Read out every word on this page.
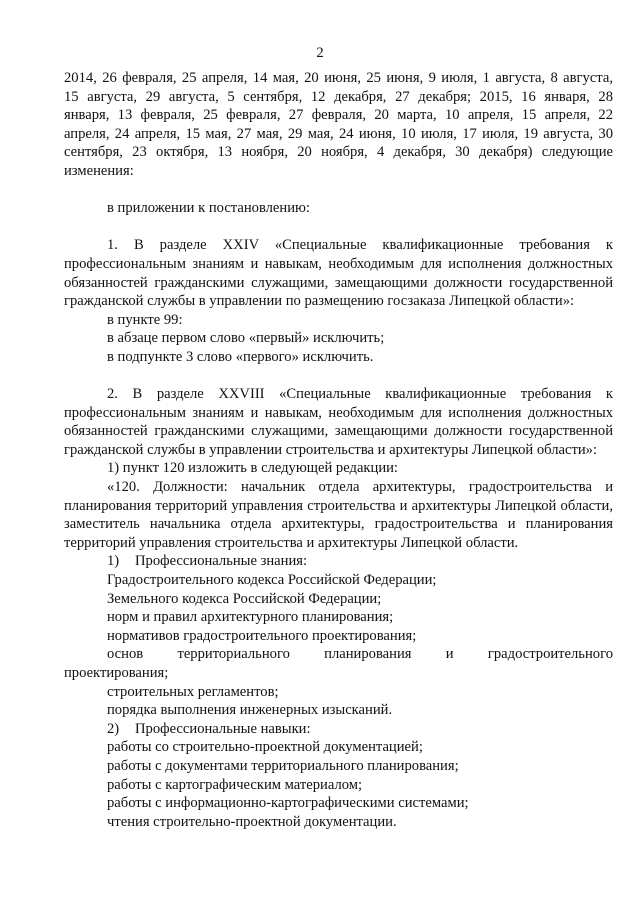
2

2014, 26 февраля, 25 апреля, 14 мая, 20 июня, 25 июня, 9 июля, 1 августа, 8 августа,

15 августа, 29 августа, 5 сентября, 12 декабря, 27 декабря; 2015, 16 января, 28

января, 13 февраля, 25 февраля, 27 февраля, 20 марта, 10 апреля, 15 апреля, 22

апреля, 24 апреля, 15 мая, 27 мая, 29 мая, 24 июня, 10 июля, 17 июля, 19 августа, 30

сентября, 23 октября, 13 ноября, 20 ноября, 4 декабря, 30 декабря) следующие

изменения:

в приложении к постановлению:

1. В разделе XXIV «Специальные квалификационные требования к профессиональным знаниям и навыкам, необходимым для исполнения должностных обязанностей гражданскими служащими, замещающими должности государственной гражданской службы в управлении по размещению госзаказа Липецкой области»:

в пункте 99:

в абзаце первом слово «первый» исключить;

в подпункте 3 слово «первого» исключить.

2. В разделе XXVIII «Специальные квалификационные требования к профессиональным знаниям и навыкам, необходимым для исполнения должностных обязанностей гражданскими служащими, замещающими должности государственной гражданской службы в управлении строительства и архитектуры Липецкой области»:

1) пункт 120 изложить в следующей редакции:

«120. Должности: начальник отдела архитектуры, градостроительства и планирования территорий управления строительства и архитектуры Липецкой области, заместитель начальника отдела архитектуры, градостроительства и планирования территорий управления строительства и архитектуры Липецкой области.

1) Профессиональные знания:

Градостроительного кодекса Российской Федерации;

Земельного кодекса Российской Федерации;

норм и правил архитектурного планирования;

нормативов градостроительного проектирования;

основ территориального планирования и градостроительного

проектирования;

строительных регламентов;

порядка выполнения инженерных изысканий.

2) Профессиональные навыки:

работы со строительно-проектной документацией;

работы с документами территориального планирования;

работы с картографическим материалом;

работы с информационно-картографическими системами;

чтения строительно-проектной документации.
